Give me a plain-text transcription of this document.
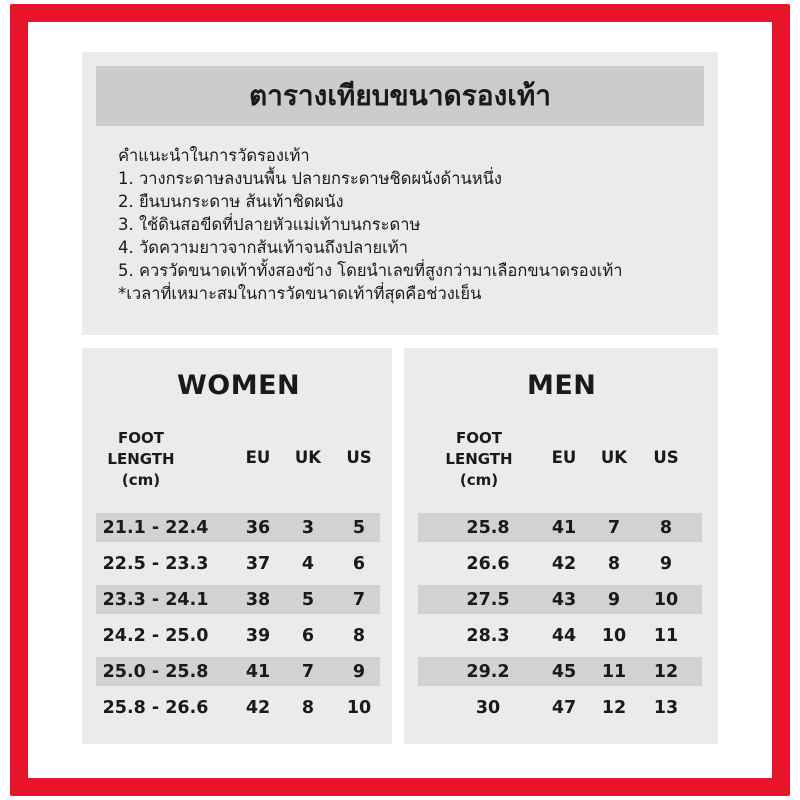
ตารางเทียบขนาดรองเท้า
คำแนะนำในการวัดรองเท้า
1. วางกระดาษลงบนพื้น ปลายกระดาษชิดผนังด้านหนึ่ง
2. ยืนบนกระดาษ ส้นเท้าชิดผนัง
3. ใช้ดินสอขีดที่ปลายหัวแม่เท้าบนกระดาษ
4. วัดความยาวจากส้นเท้าจนถึงปลายเท้า
5. ควรวัดขนาดเท้าทั้งสองข้าง โดยนำเลขที่สูงกว่ามาเลือกขนาดรองเท้า
*เวลาที่เหมาะสมในการวัดขนาดเท้าที่สุดคือช่วงเย็น
WOMEN
FOOT
LENGTH
(cm)
EU	UK	US
21.1 - 22.4	36	3	5
22.5 - 23.3	37	4	6
23.3 - 24.1	38	5	7
24.2 - 25.0	39	6	8
25.0 - 25.8	41	7	9
25.8 - 26.6	42	8	10
MEN
FOOT
LENGTH
(cm)
EU	UK	US
25.8	41	7	8
26.6	42	8	9
27.5	43	9	10
28.3	44	10	11
29.2	45	11	12
30	47	12	13
